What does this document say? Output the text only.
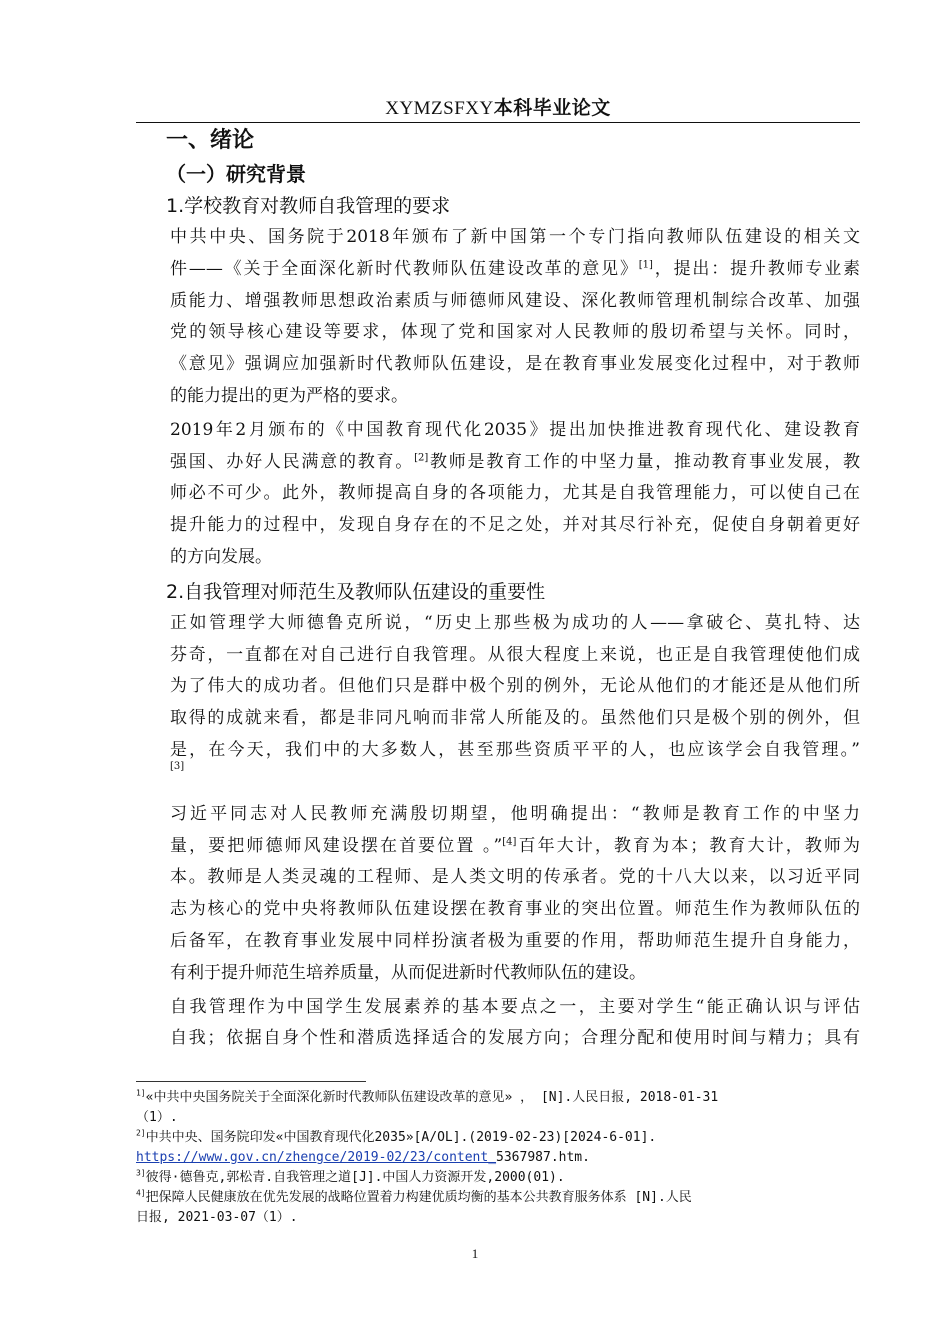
XYMZSFXY本科毕业论文
一、绪论
（一）研究背景
1.学校教育对教师自我管理的要求
中共中央、国务院于2018年颁布了新中国第一个专门指向教师队伍建设的相关文
件——《关于全面深化新时代教师队伍建设改革的意见》[1]，提出：提升教师专业素
质能力、增强教师思想政治素质与师德师风建设、深化教师管理机制综合改革、加强
党的领导核心建设等要求，体现了党和国家对人民教师的殷切希望与关怀。同时，
《意见》强调应加强新时代教师队伍建设，是在教育事业发展变化过程中，对于教师
的能力提出的更为严格的要求。
2019年2月颁布的《中国教育现代化2035》提出加快推进教育现代化、建设教育
强国、办好人民满意的教育。[2]教师是教育工作的中坚力量，推动教育事业发展，教
师必不可少。此外，教师提高自身的各项能力，尤其是自我管理能力，可以使自己在
提升能力的过程中，发现自身存在的不足之处，并对其尽行补充，促使自身朝着更好
的方向发展。
2.自我管理对师范生及教师队伍建设的重要性
正如管理学大师德鲁克所说，“历史上那些极为成功的人——拿破仑、莫扎特、达
芬奇，一直都在对自己进行自我管理。从很大程度上来说，也正是自我管理使他们成
为了伟大的成功者。但他们只是群中极个别的例外，无论从他们的才能还是从他们所
取得的成就来看，都是非同凡响而非常人所能及的。虽然他们只是极个别的例外，但
是，在今天，我们中的大多数人，甚至那些资质平平的人，也应该学会自我管理。”
[3]
习近平同志对人民教师充满殷切期望，他明确提出：“教师是教育工作的中坚力
量，要把师德师风建设摆在首要位置 。”[4]百年大计，教育为本；教育大计，教师为
本。教师是人类灵魂的工程师、是人类文明的传承者。党的十八大以来，以习近平同
志为核心的党中央将教师队伍建设摆在教育事业的突出位置。师范生作为教师队伍的
后备军，在教育事业发展中同样扮演者极为重要的作用，帮助师范生提升自身能力，
有利于提升师范生培养质量，从而促进新时代教师队伍的建设。
自我管理作为中国学生发展素养的基本要点之一，主要对学生“能正确认识与评估
自我；依据自身个性和潜质选择适合的发展方向；合理分配和使用时间与精力；具有
$^{1]}$«中共中央国务院关于全面深化新时代教师队伍建设改革的意见» ， [N].人民日报, 2018-01-31
（1）.
$^{2]}$中共中央、国务院印发«中国教育现代化2035»[A/OL].(2019-02-23)[2024-6-01].
https://www.gov.cn/zhengce/2019-02/23/content_5367987.htm.
$^{3]}$彼得·德鲁克,郭松青.自我管理之道[J].中国人力资源开发,2000(01).
$^{4]}$把保障人民健康放在优先发展的战略位置着力构建优质均衡的基本公共教育服务体系 [N].人民
日报, 2021-03-07（1）.
1
